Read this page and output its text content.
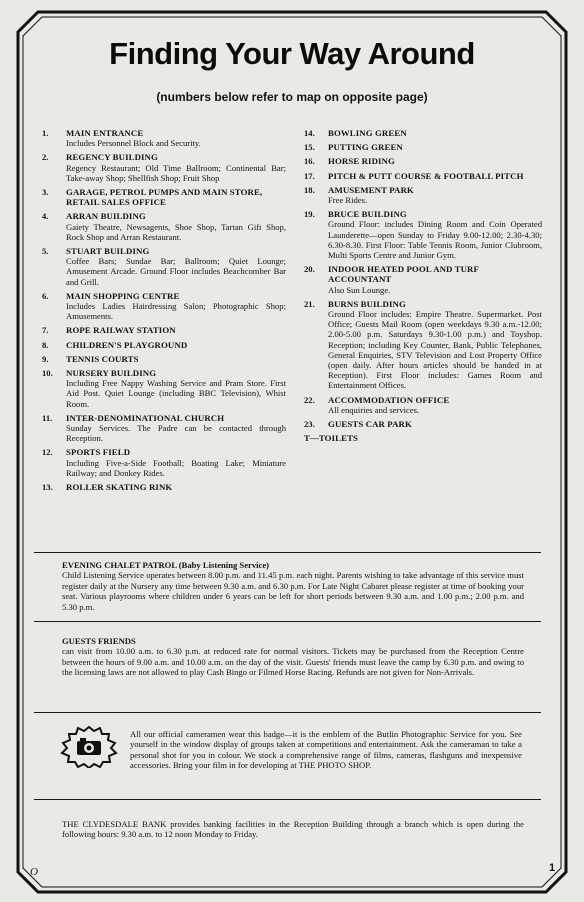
Finding Your Way Around
(numbers below refer to map on opposite page)
1.	MAIN ENTRANCE
Includes Personnel Block and Security.
2.	REGENCY BUILDING
Regency Restaurant; Old Time Ballroom; Continental Bar; Take-away Shop; Shellfish Shop; Fruit Shop
3.	GARAGE, PETROL PUMPS AND MAIN STORE, RETAIL SALES OFFICE
4.	ARRAN BUILDING
Gaiety Theatre, Newsagents, Shoe Shop, Tartan Gift Shop, Rock Shop and Arran Restaurant.
5.	STUART BUILDING
Coffee Bars; Sundae Bar; Ballroom; Quiet Lounge; Amusement Arcade. Ground Floor includes Beachcomber Bar and Grill.
6.	MAIN SHOPPING CENTRE
Includes Ladies Hairdressing Salon; Photographic Shop; Amusements.
7.	ROPE RAILWAY STATION
8.	CHILDREN'S PLAYGROUND
9.	TENNIS COURTS
10.	NURSERY BUILDING
Including Free Nappy Washing Service and Pram Store. First Aid Post. Quiet Lounge (including BBC Television), Whist Room.
11.	INTER-DENOMINATIONAL CHURCH
Sunday Services. The Padre can be contacted through Reception.
12.	SPORTS FIELD
Including Five-a-Side Football; Boating Lake; Miniature Railway; and Donkey Rides.
13.	ROLLER SKATING RINK
14.	BOWLING GREEN
15.	PUTTING GREEN
16.	HORSE RIDING
17.	PITCH & PUTT COURSE & FOOTBALL PITCH
18.	AMUSEMENT PARK
Free Rides.
19.	BRUCE BUILDING
Ground Floor: includes Dining Room and Coin Operated Launderette—open Sunday to Friday 9.00-12.00; 2.30-4.30; 6.30-8.30. First Floor: Table Tennis Room, Junior Clubroom, Multi Sports Centre and Junior Gym.
20.	INDOOR HEATED POOL AND TURF ACCOUNTANT
Also Sun Lounge.
21.	BURNS BUILDING
Ground Floor includes: Empire Theatre. Supermarket. Post Office; Guests Mail Room (open weekdays 9.30 a.m.-12.00; 2.00-5.00 p.m. Saturdays 9.30-1.00 p.m.) and Toyshop. Reception; including Key Counter, Bank, Public Telephones, General Enquiries, STV Television and Lost Property Office (open daily. After hours articles should be handed in at Reception). First Floor includes: Games Room and Entertainment Offices.
22.	ACCOMMODATION OFFICE
All enquiries and services.
23.	GUESTS CAR PARK
T—TOILETS
EVENING CHALET PATROL (Baby Listening Service)
Child Listening Service operates between 8.00 p.m. and 11.45 p.m. each night. Parents wishing to take advantage of this service must register daily at the Nursery any time between 9.30 a.m. and 6.30 p.m. For Late Night Cabaret please register at time of booking your seat. Various playrooms where children under 6 years can be left for short periods between 9.30 a.m. and 1.00 p.m.; 2.00 p.m. and 5.30 p.m.
GUESTS FRIENDS
can visit from 10.00 a.m. to 6.30 p.m. at reduced rate for normal visitors. Tickets may be purchased from the Reception Centre between the hours of 9.00 a.m. and 10.00 a.m. on the day of the visit. Guests' friends must leave the camp by 6.30 p.m. and owing to the licensing laws are not allowed to play Cash Bingo or Filmed Horse Racing. Refunds are not given for Non-Arrivals.
All our official cameramen wear this badge—it is the emblem of the Butlin Photographic Service for you. See yourself in the window display of groups taken at competitions and entertainment. Ask the cameraman to take a personal shot for you in colour. We stock a comprehensive range of films, cameras, flashguns and inexpensive accessories. Bring your film in for developing at THE PHOTO SHOP.
THE CLYDESDALE BANK provides banking facilities in the Reception Building through a branch which is open during the following hours: 9.30 a.m. to 12 noon Monday to Friday.
O	1
